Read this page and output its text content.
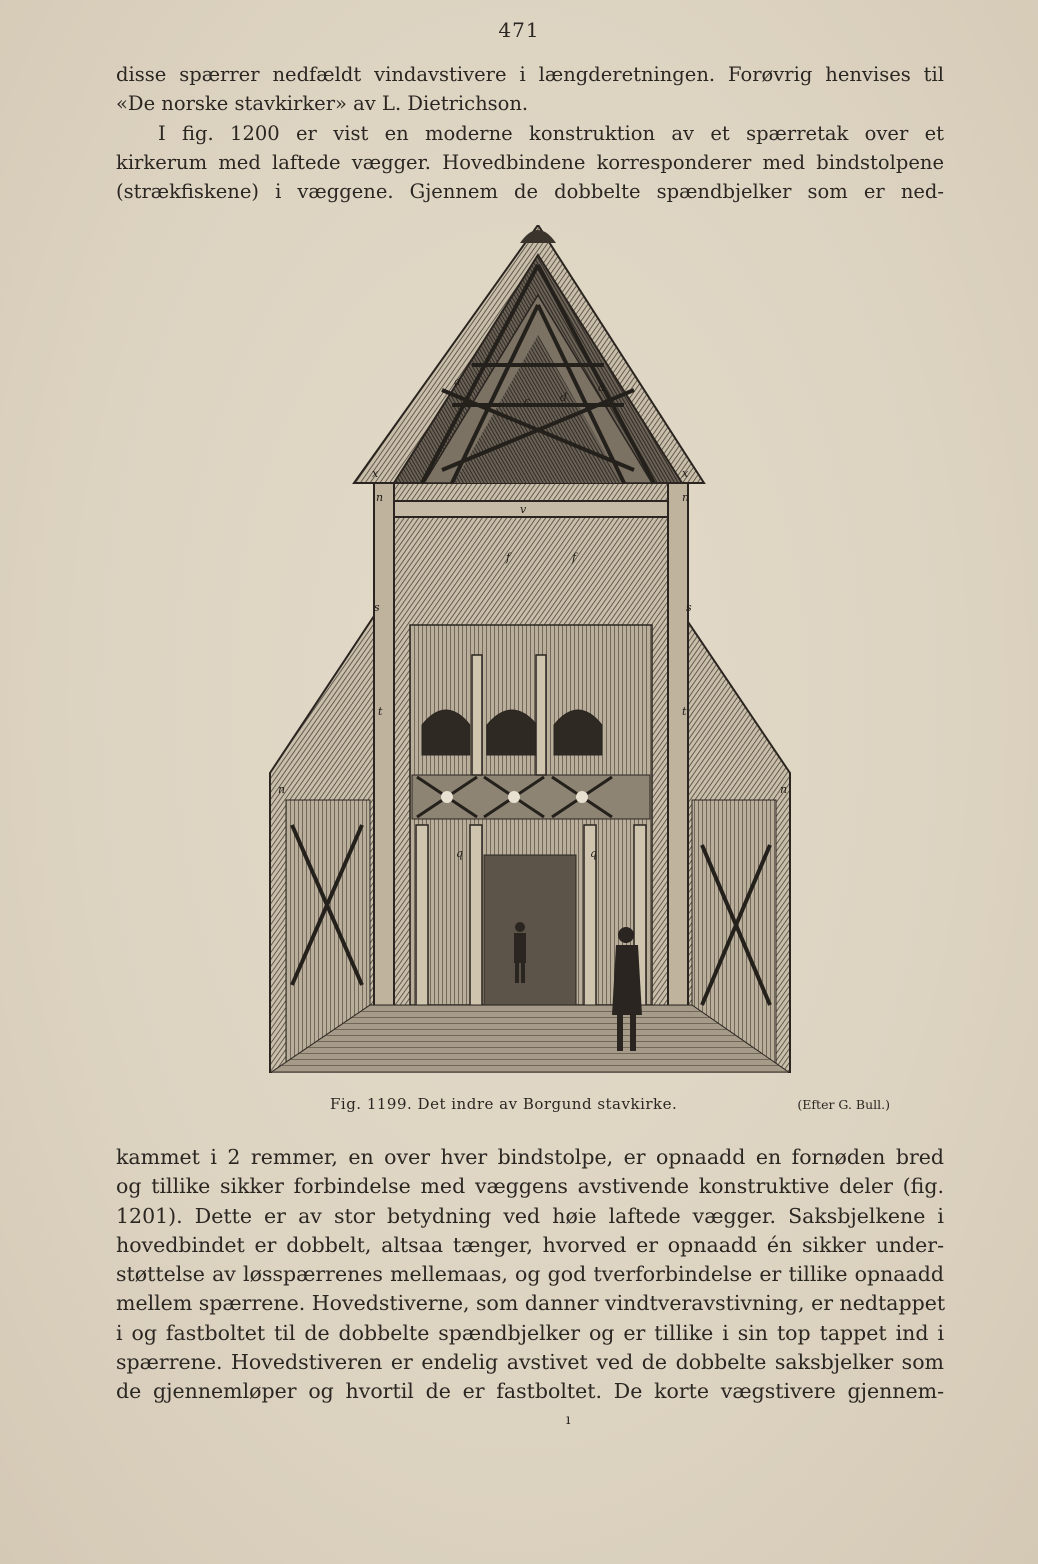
471
disse spærrer nedfældt vindavstivere i længderetningen. Forøvrig henvises til
«De norske stavkirker» av L. Dietrichson.
I fig. 1200 er vist en moderne konstruktion av et spærretak over et
kirkerum med laftede vægger. Hovedbindene korresponderer med bindstolpene
(strækfiskene) i væggene. Gjennem de dobbelte spændbjelker som er ned-
a	a
c	d
v
x	x
n	n
s	s
f	f
t	t
n	n
q	q
Fig. 1199. Det indre av Borgund stavkirke.	(Efter G. Bull.)
kammet i 2 remmer, en over hver bindstolpe, er opnaadd en fornøden bred
og tillike sikker forbindelse med væggens avstivende konstruktive deler (fig.
1201). Dette er av stor betydning ved høie laftede vægger. Saksbjelkene i
hovedbindet er dobbelt, altsaa tænger, hvorved er opnaadd én sikker under-
støttelse av løsspærrenes mellemaas, og god tverforbindelse er tillike opnaadd
mellem spærrene. Hovedstiverne, som danner vindtveravstivning, er nedtappet
i og fastboltet til de dobbelte spændbjelker og er tillike i sin top tappet ind i
spærrene. Hovedstiveren er endelig avstivet ved de dobbelte saksbjelker som
de gjennemløper og hvortil de er fastboltet. De korte vægstivere gjennem-
ı
